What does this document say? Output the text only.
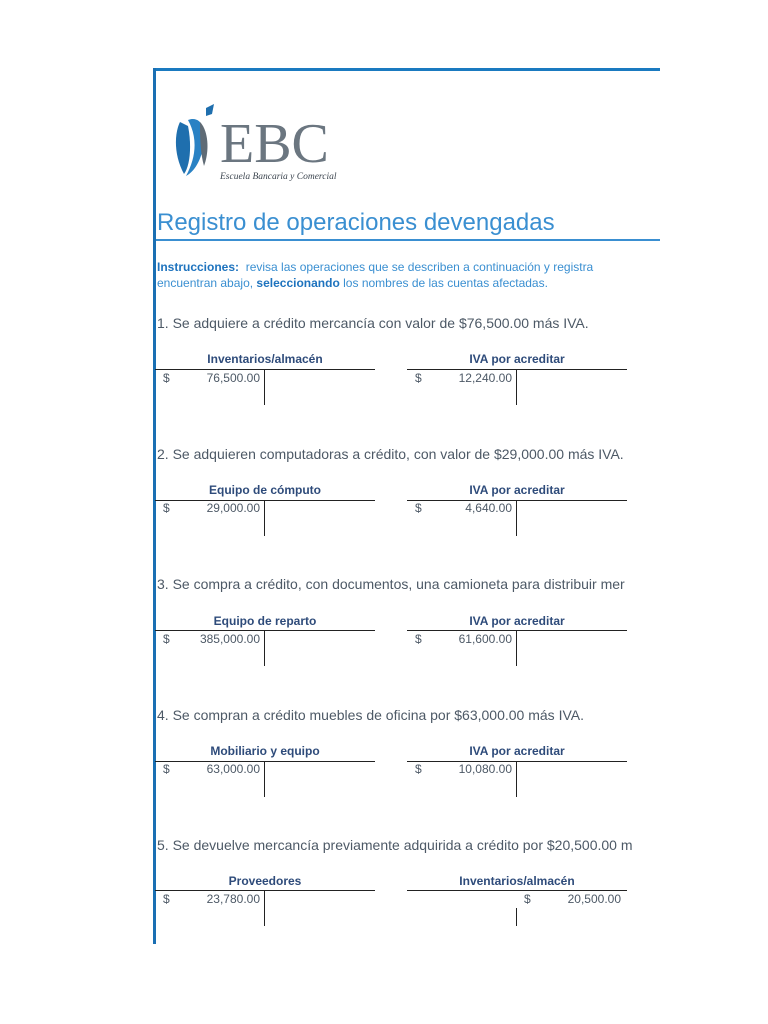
EBC
Escuela Bancaria y Comercial
Registro de operaciones devengadas
Instrucciones: revisa las operaciones que se describen a continuación y registra
encuentran abajo, seleccionando los nombres de las cuentas afectadas.
1. Se adquiere a crédito mercancía con valor de $76,500.00 más IVA.
Inventarios/almacén
$	76,500.00
IVA por acreditar
$	12,240.00
2. Se adquieren computadoras a crédito, con valor de $29,000.00 más IVA.
Equipo de cómputo
$	29,000.00
IVA por acreditar
$	4,640.00
3. Se compra a crédito, con documentos, una camioneta para distribuir mer
Equipo de reparto
$	385,000.00
IVA por acreditar
$	61,600.00
4. Se compran a crédito muebles de oficina por $63,000.00 más IVA.
Mobiliario y equipo
$	63,000.00
IVA por acreditar
$	10,080.00
5. Se devuelve mercancía previamente adquirida a crédito por $20,500.00 m
Proveedores
$	23,780.00
Inventarios/almacén
$	20,500.00
